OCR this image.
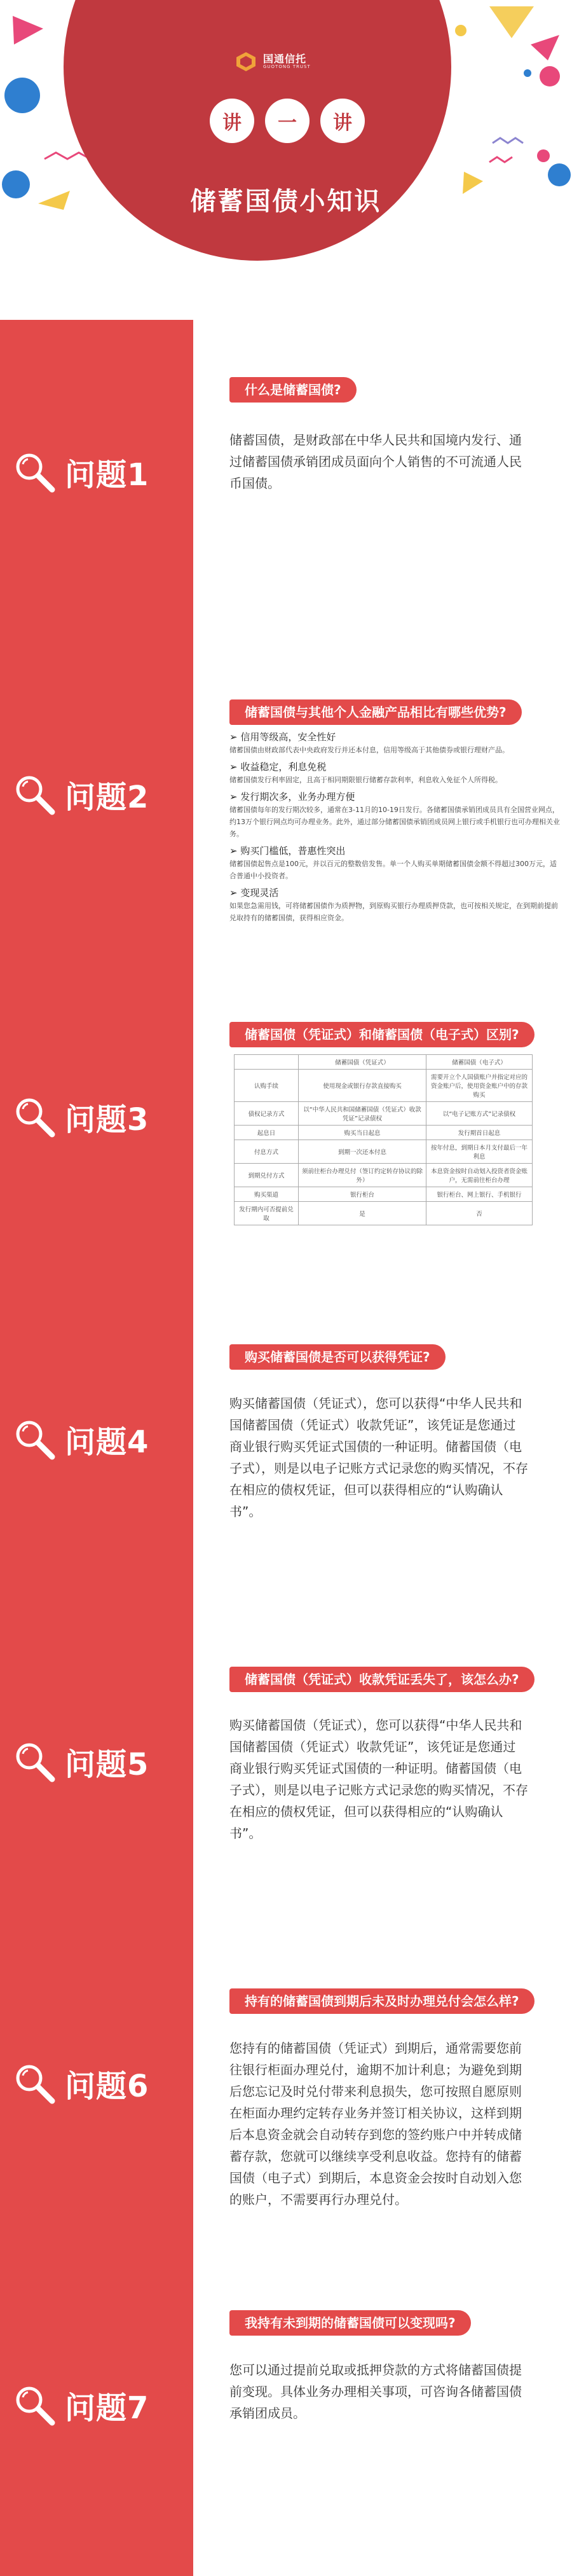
国通信托
GUOTONG TRUST
讲	一	讲
储蓄国债小知识
问题1
问题2
问题3
问题4
问题5
问题6
问题7
什么是储蓄国债?
储蓄国债与其他个人金融产品相比有哪些优势?
储蓄国债（凭证式）和储蓄国债（电子式）区别?
购买储蓄国债是否可以获得凭证?
储蓄国债（凭证式）收款凭证丢失了，该怎么办?
持有的储蓄国债到期后未及时办理兑付会怎么样?
我持有未到期的储蓄国债可以变现吗?
储蓄国债，是财政部在中华人民共和国境内发行、通过储蓄国债承销团成员面向个人销售的不可流通人民币国债。
➢ 信用等级高，安全性好
储蓄国债由财政部代表中央政府发行并还本付息，信用等级高于其他债券或银行理财产品。
➢ 收益稳定，利息免税
储蓄国债发行利率固定，且高于相同期限银行储蓄存款利率，利息收入免征个人所得税。
➢ 发行期次多，业务办理方便
储蓄国债每年的发行期次较多，通常在3-11月的10-19日发行。各储蓄国债承销团成员具有全国营业网点，约13万个银行网点均可办理业务。此外，通过部分储蓄国债承销团成员网上银行或手机银行也可办理相关业务。
➢ 购买门槛低，普惠性突出
储蓄国债起售点是100元，并以百元的整数倍发售。单一个人购买单期储蓄国债金额不得超过300万元，适合普通中小投资者。
➢ 变现灵活
如果您急需用钱，可将储蓄国债作为质押物，到原购买银行办理质押贷款，也可按相关规定，在到期前提前兑取持有的储蓄国债，获得相应资金。
	储蓄国债（凭证式）	储蓄国债（电子式）
认购手续	使用现金或银行存款直接购买	需要开立个人国债账户并指定对应的资金账户后，使用资金账户中的存款购买
债权记录方式	以“中华人民共和国储蓄国债（凭证式）收款凭证”记录债权	以“电子记账方式”记录债权
起息日	购买当日起息	发行期首日起息
付息方式	到期一次还本付息	按年付息，到期日本月支付最后一年利息
到期兑付方式	须前往柜台办理兑付（签订约定转存协议的除外）	本息资金按时自动划入投资者资金账户，无需前往柜台办理
购买渠道	银行柜台	银行柜台、网上银行、手机银行
发行期内可否提前兑取	是	否
购买储蓄国债（凭证式），您可以获得“中华人民共和国储蓄国债（凭证式）收款凭证”，该凭证是您通过商业银行购买凭证式国债的一种证明。储蓄国债（电子式），则是以电子记账方式记录您的购买情况，不存在相应的债权凭证，但可以获得相应的“认购确认书”。
购买储蓄国债（凭证式），您可以获得“中华人民共和国储蓄国债（凭证式）收款凭证”，该凭证是您通过商业银行购买凭证式国债的一种证明。储蓄国债（电子式），则是以电子记账方式记录您的购买情况，不存在相应的债权凭证，但可以获得相应的“认购确认书”。
您持有的储蓄国债（凭证式）到期后，通常需要您前往银行柜面办理兑付，逾期不加计利息；为避免到期后您忘记及时兑付带来利息损失，您可按照自愿原则在柜面办理约定转存业务并签订相关协议，这样到期后本息资金就会自动转存到您的签约账户中并转成储蓄存款，您就可以继续享受利息收益。您持有的储蓄国债（电子式）到期后，本息资金会按时自动划入您的账户，不需要再行办理兑付。
您可以通过提前兑取或抵押贷款的方式将储蓄国债提前变现。具体业务办理相关事项，可咨询各储蓄国债承销团成员。
